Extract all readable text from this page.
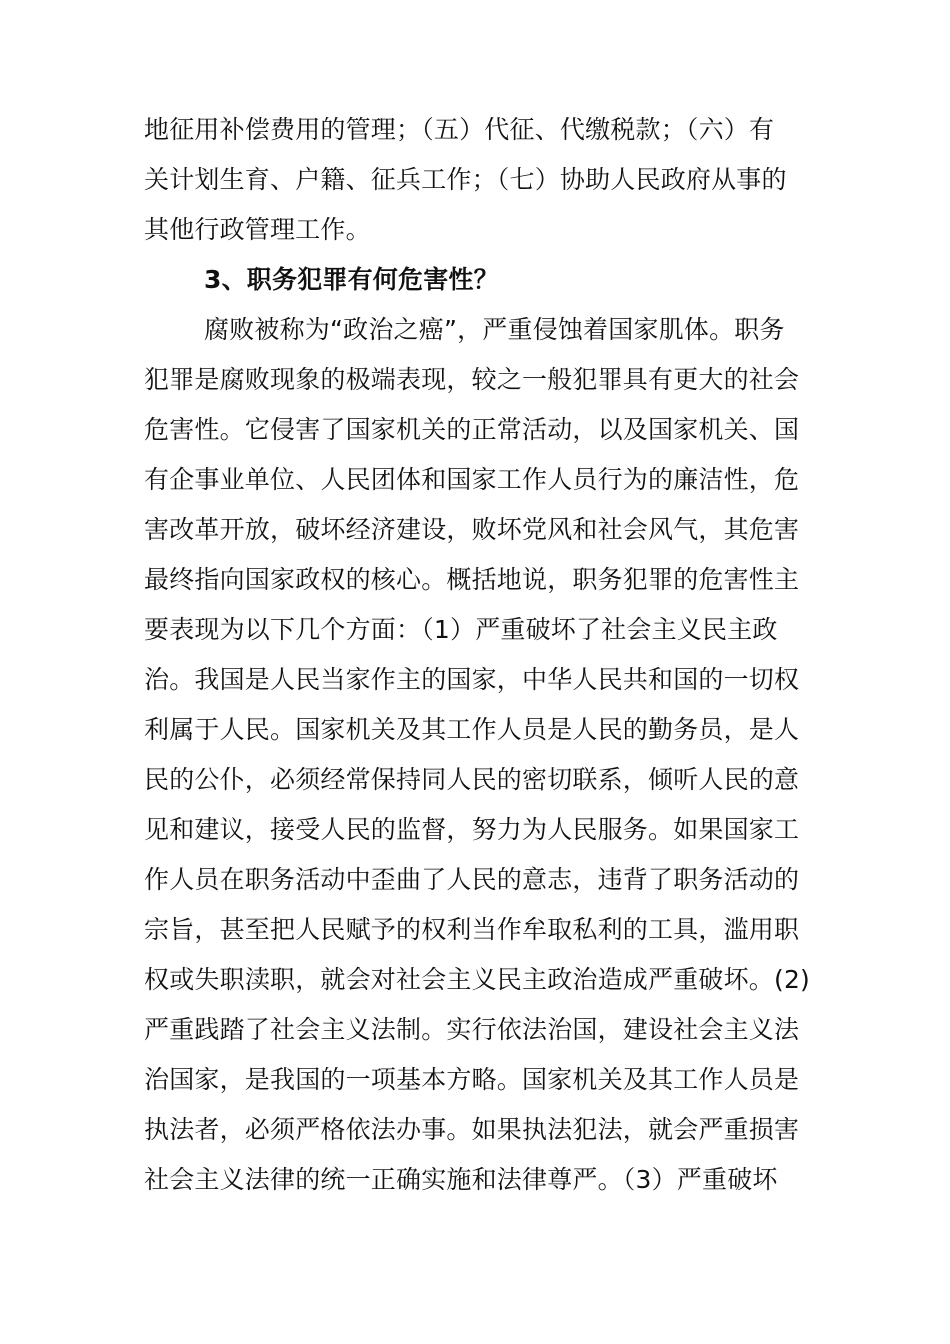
地征用补偿费用的管理；（五）代征、代缴税款；（六）有
关计划生育、户籍、征兵工作；（七）协助人民政府从事的
其他行政管理工作。
3、职务犯罪有何危害性？
腐败被称为“政治之癌”，严重侵蚀着国家肌体。职务
犯罪是腐败现象的极端表现，较之一般犯罪具有更大的社会
危害性。它侵害了国家机关的正常活动，以及国家机关、国
有企事业单位、人民团体和国家工作人员行为的廉洁性，危
害改革开放，破坏经济建设，败坏党风和社会风气，其危害
最终指向国家政权的核心。概括地说，职务犯罪的危害性主
要表现为以下几个方面：（1）严重破坏了社会主义民主政
治。我国是人民当家作主的国家，中华人民共和国的一切权
利属于人民。国家机关及其工作人员是人民的勤务员，是人
民的公仆，必须经常保持同人民的密切联系，倾听人民的意
见和建议，接受人民的监督，努力为人民服务。如果国家工
作人员在职务活动中歪曲了人民的意志，违背了职务活动的
宗旨，甚至把人民赋予的权利当作牟取私利的工具，滥用职
权或失职渎职，就会对社会主义民主政治造成严重破坏。(2)
严重践踏了社会主义法制。实行依法治国，建设社会主义法
治国家，是我国的一项基本方略。国家机关及其工作人员是
执法者，必须严格依法办事。如果执法犯法，就会严重损害
社会主义法律的统一正确实施和法律尊严。（3）严重破坏
